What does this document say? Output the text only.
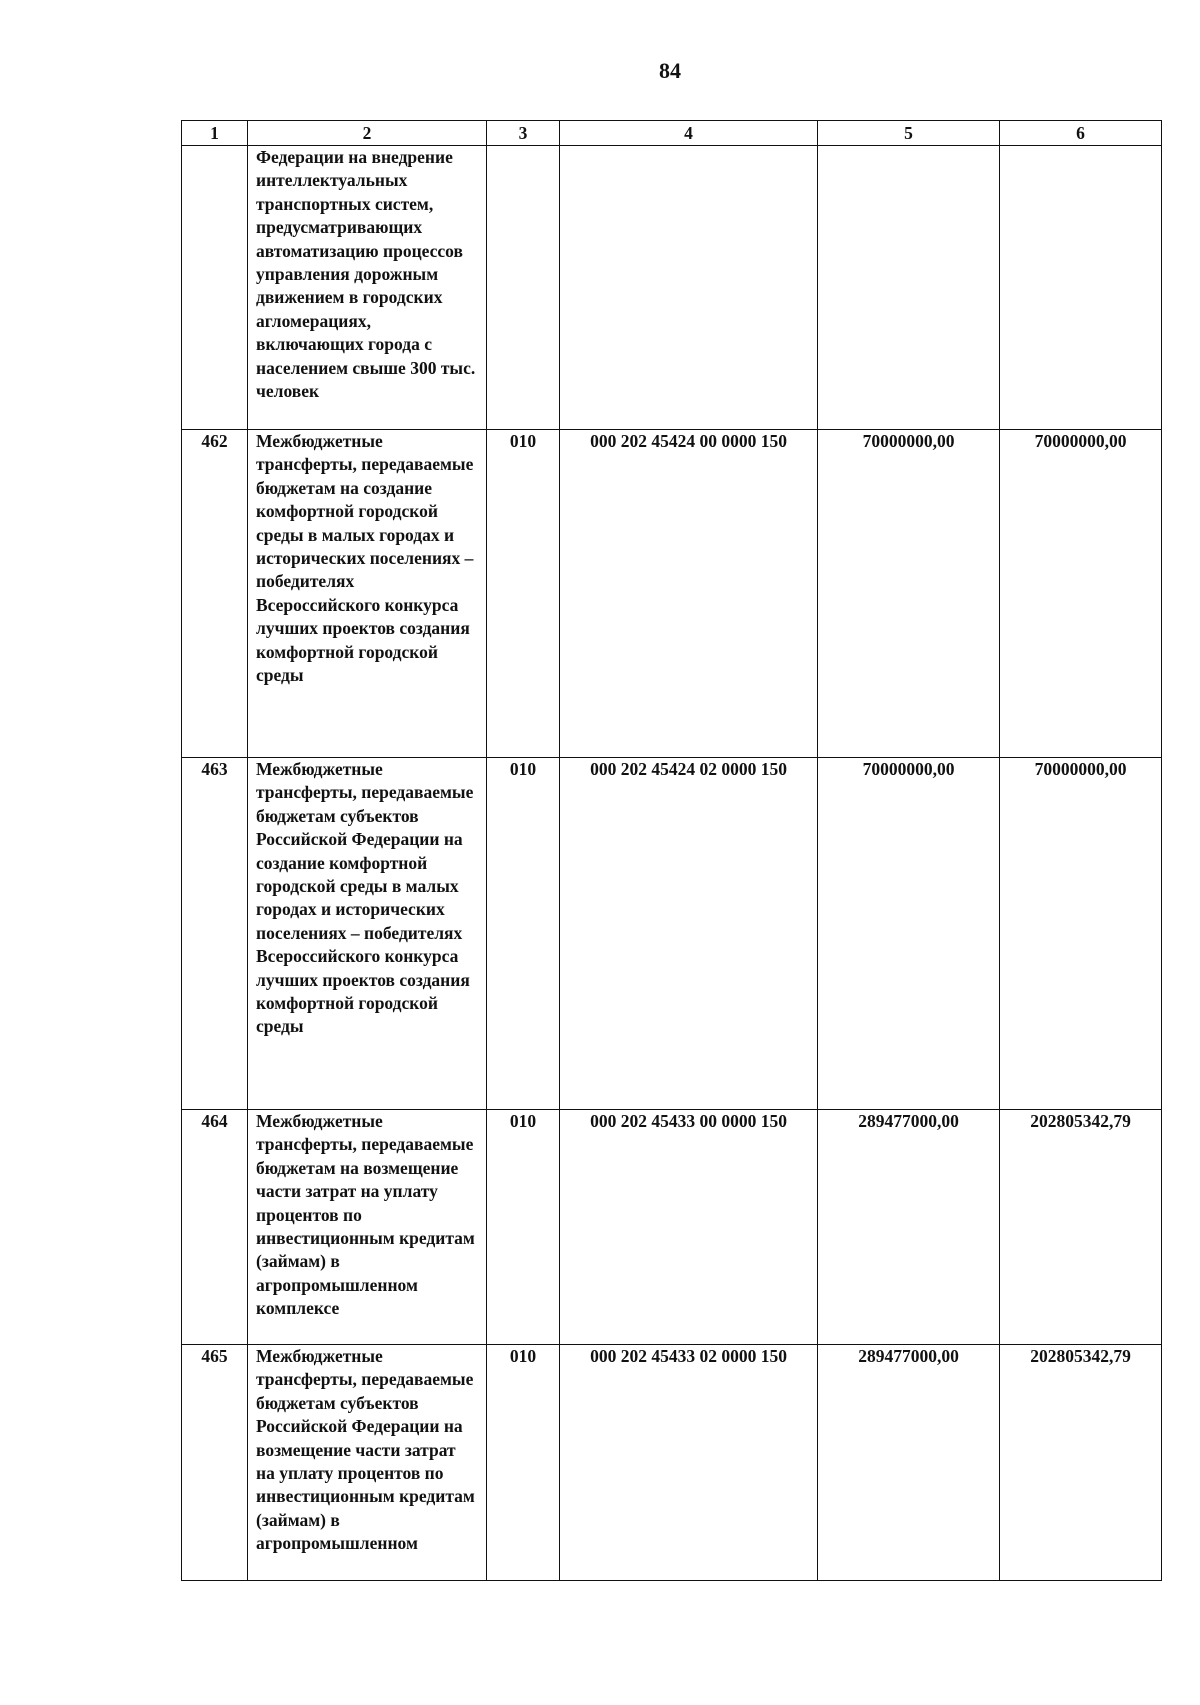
84
1	2	3	4	5	6
	Федерации на внедрение интеллектуальных транспортных систем, предусматривающих автоматизацию процессов управления дорожным движением в городских агломерациях, включающих города с населением свыше 300 тыс. человек				
462	Межбюджетные трансферты, передаваемые бюджетам на создание комфортной городской среды в малых городах и исторических поселениях – победителях Всероссийского конкурса лучших проектов создания комфортной городской среды	010	000 202 45424 00 0000 150	70000000,00	70000000,00
463	Межбюджетные трансферты, передаваемые бюджетам субъектов Российской Федерации на создание комфортной городской среды в малых городах и исторических поселениях – победителях Всероссийского конкурса лучших проектов создания комфортной городской среды	010	000 202 45424 02 0000 150	70000000,00	70000000,00
464	Межбюджетные трансферты, передаваемые бюджетам на возмещение части затрат на уплату процентов по инвестиционным кредитам (займам) в агропромышленном комплексе	010	000 202 45433 00 0000 150	289477000,00	202805342,79
465	Межбюджетные трансферты, передаваемые бюджетам субъектов Российской Федерации на возмещение части затрат на уплату процентов по инвестиционным кредитам (займам) в агропромышленном	010	000 202 45433 02 0000 150	289477000,00	202805342,79
